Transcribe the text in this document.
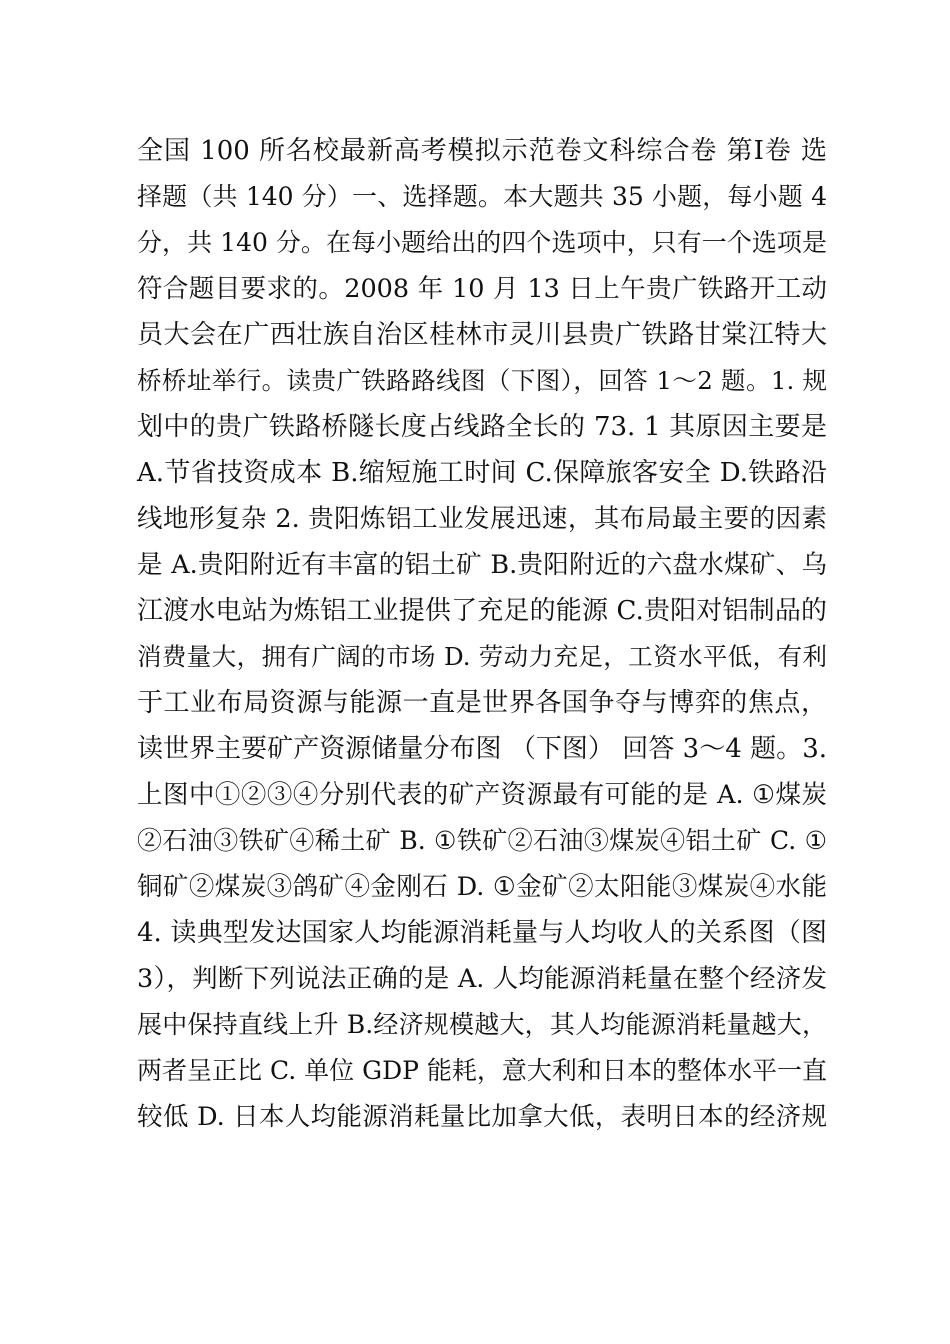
全国 100 所名校最新高考模拟示范卷文科综合卷 第Ⅰ卷 选
择题（共 140 分）一、选择题。本大题共 35 小题，每小题 4
分，共 140 分。在每小题给出的四个选项中，只有一个选项是
符合题目要求的。2008 年 10 月 13 日上午贵广铁路开工动
员大会在广西壮族自治区桂林市灵川县贵广铁路甘棠江特大
桥桥址举行。读贵广铁路路线图（下图），回答 1～2 题。1. 规
划中的贵广铁路桥隧长度占线路全长的 73. 1 其原因主要是
A.节省技资成本 B.缩短施工时间 C.保障旅客安全 D.铁路沿
线地形复杂 2. 贵阳炼铝工业发展迅速，其布局最主要的因素
是 A.贵阳附近有丰富的铝土矿 B.贵阳附近的六盘水煤矿、乌
江渡水电站为炼铝工业提供了充足的能源 C.贵阳对铝制品的
消费量大，拥有广阔的市场 D. 劳动力充足，工资水平低，有利
于工业布局资源与能源一直是世界各国争夺与博弈的焦点，
读世界主要矿产资源储量分布图 （下图） 回答 3～4 题。3.
上图中①②③④分别代表的矿产资源最有可能的是 A. ①煤炭
②石油③铁矿④稀土矿 B. ①铁矿②石油③煤炭④铝土矿 C. ①
铜矿②煤炭③鸽矿④金刚石 D. ①金矿②太阳能③煤炭④水能
4. 读典型发达国家人均能源消耗量与人均收人的关系图（图
3），判断下列说法正确的是 A. 人均能源消耗量在整个经济发
展中保持直线上升 B.经济规模越大，其人均能源消耗量越大，
两者呈正比 C. 单位 GDP 能耗，意大利和日本的整体水平一直
较低 D. 日本人均能源消耗量比加拿大低，表明日本的经济规
